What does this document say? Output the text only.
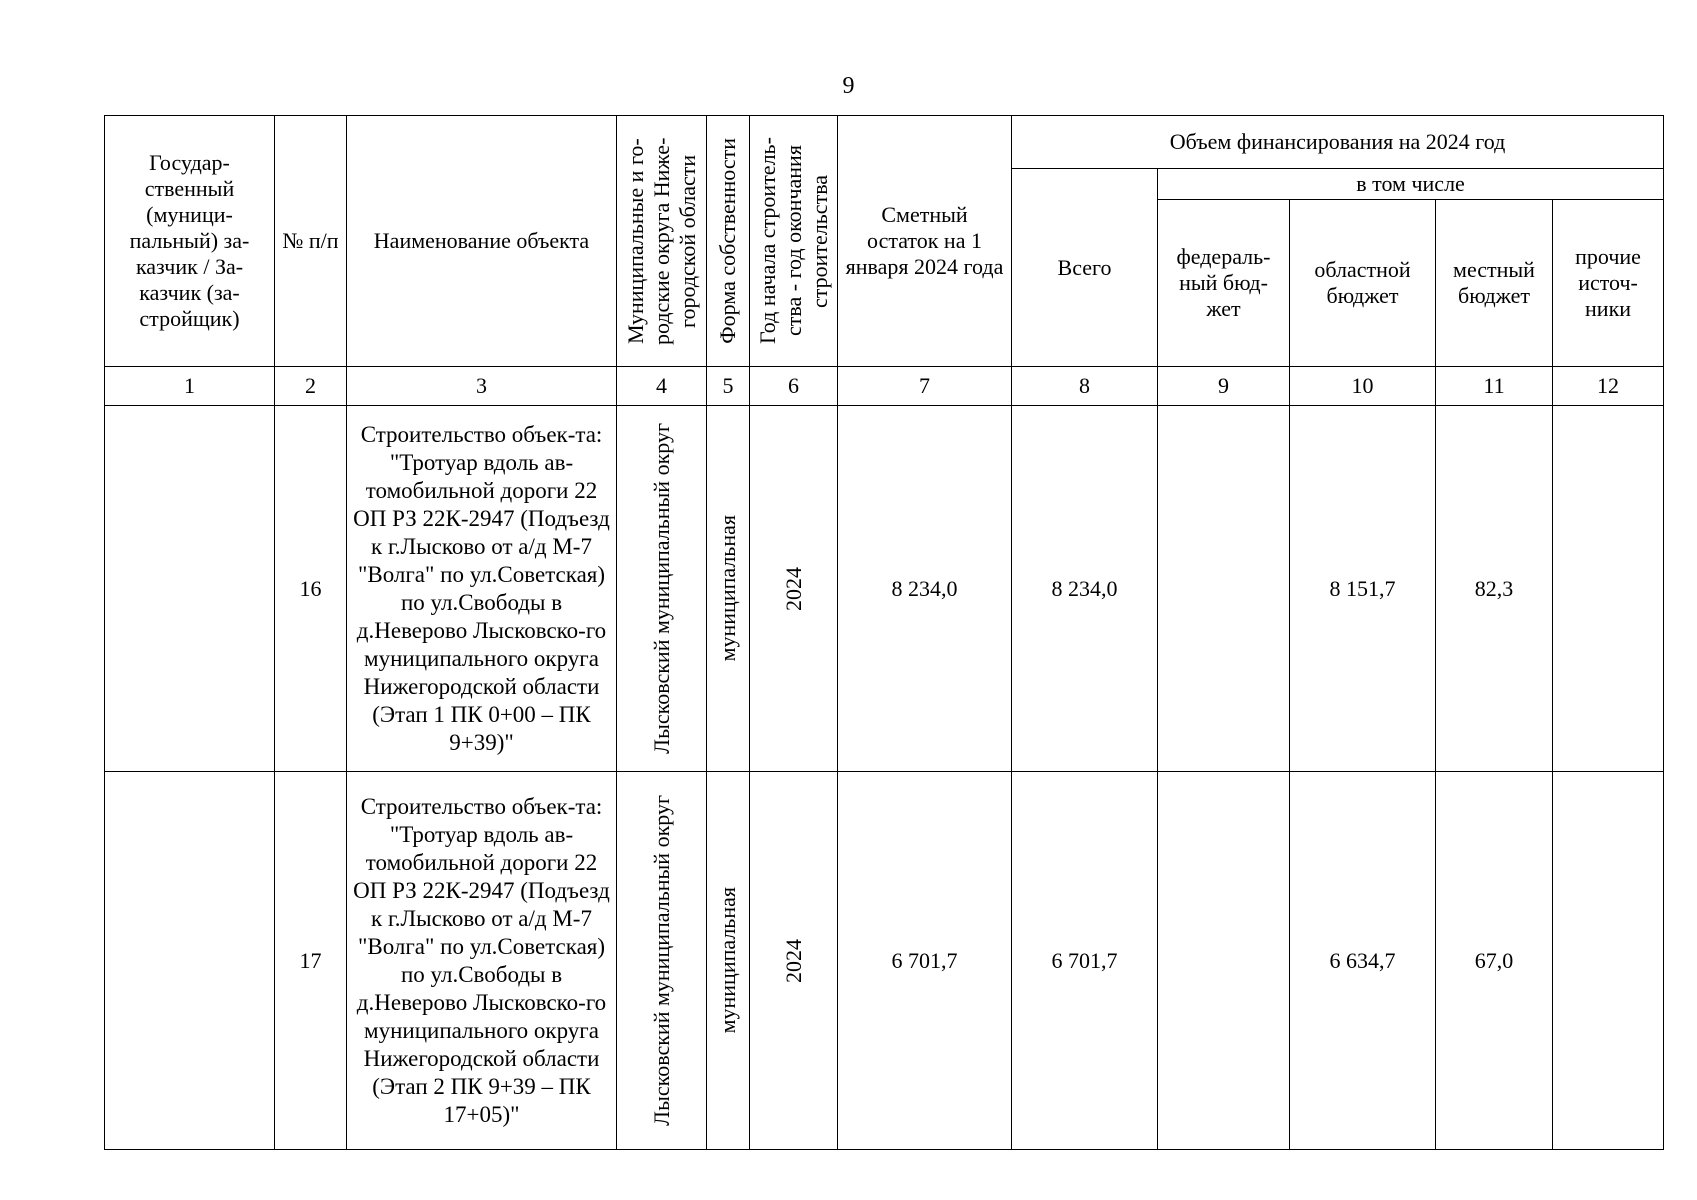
9
Государ-ственный (муници-пальный) за-казчик / За-казчик (за-стройщик)	№ п/п	Наименование объекта	Муниципальные и го-родские округа Ниже-городской области	Форма собственности	Год начала строитель-ства - год окончания строительства	Сметный остаток на 1 января 2024 года	Объем финансирования на 2024 год				

							Всего	в том числе			

								федераль-ный бюд-жет	областной бюджет	местный бюджет	прочие источ-ники

1	2	3	4	5	6	7	8	9	10	11	12
	16	Строительство объек-та: "Тротуар вдоль ав-томобильной дороги 22 ОП РЗ 22К-2947 (Подъезд к г.Лысково от а/д М-7 "Волга" по ул.Советская) по ул.Свободы в д.Неверово Лысковско-го муниципального округа Нижегородской области (Этап 1 ПК 0+00 – ПК 9+39)"	Лысковский муниципальный округ	муниципальная	2024	8 234,0	8 234,0		8 151,7	82,3	
	17	Строительство объек-та: "Тротуар вдоль ав-томобильной дороги 22 ОП РЗ 22К-2947 (Подъезд к г.Лысково от а/д М-7 "Волга" по ул.Советская) по ул.Свободы в д.Неверово Лысковско-го муниципального округа Нижегородской области (Этап 2 ПК 9+39 – ПК 17+05)"	Лысковский муниципальный округ	муниципальная	2024	6 701,7	6 701,7		6 634,7	67,0	
